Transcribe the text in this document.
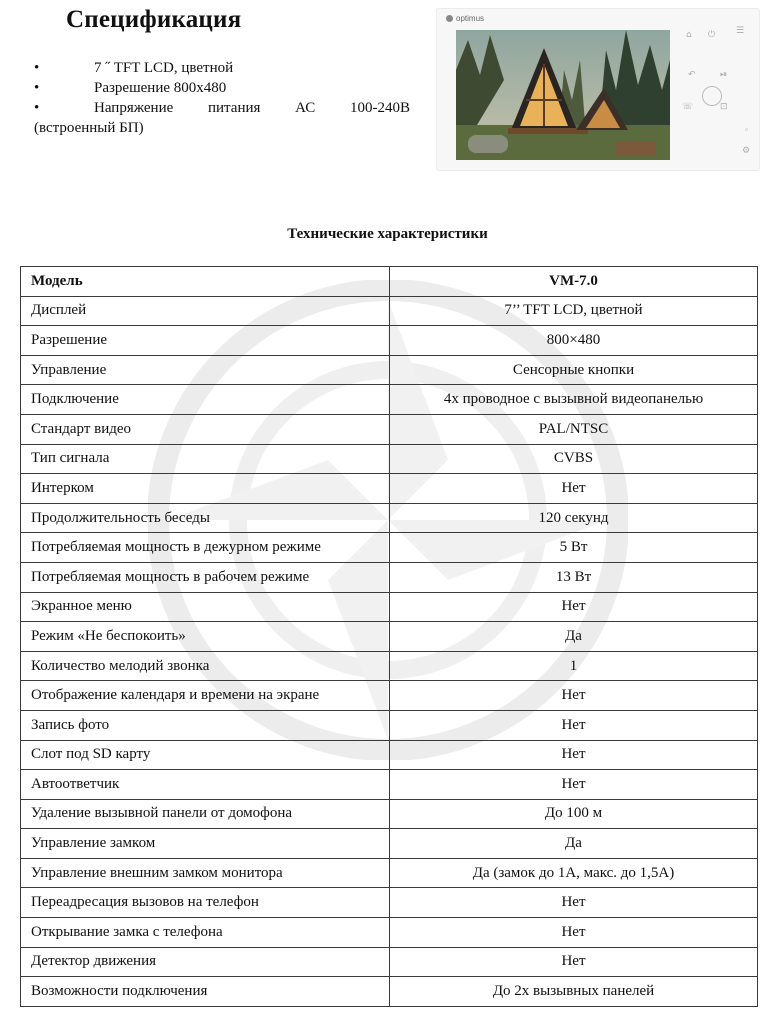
Спецификация
•	7 ˝ TFT LCD, цветной
•	Разрешение 800x480
•	Напряжение питания АС 100-240В
(встроенный БП)
optimus
⌂ ⏻ ☰
↶	⏯
☏	⊡
◦
⚙
Технические характеристики
Модель	VM-7.0
Дисплей	7’’ TFT LCD, цветной
Разрешение	800×480
Управление	Сенсорные кнопки
Подключение	4х проводное с вызывной видеопанелью
Стандарт видео	PAL/NTSC
Тип сигнала	CVBS
Интерком	Нет
Продолжительность беседы	120 секунд
Потребляемая мощность в дежурном режиме	5 Вт
Потребляемая мощность в рабочем режиме	13 Вт
Экранное меню	Нет
Режим «Не беспокоить»	Да
Количество мелодий звонка	1
Отображение календаря и времени на экране	Нет
Запись фото	Нет
Слот под SD карту	Нет
Автоответчик	Нет
Удаление вызывной панели от домофона	До 100 м
Управление замком	Да
Управление внешним замком монитора	Да (замок до 1А, макс. до 1,5А)
Переадресация вызовов на телефон	Нет
Открывание замка с телефона	Нет
Детектор движения	Нет
Возможности подключения	До 2х вызывных панелей
